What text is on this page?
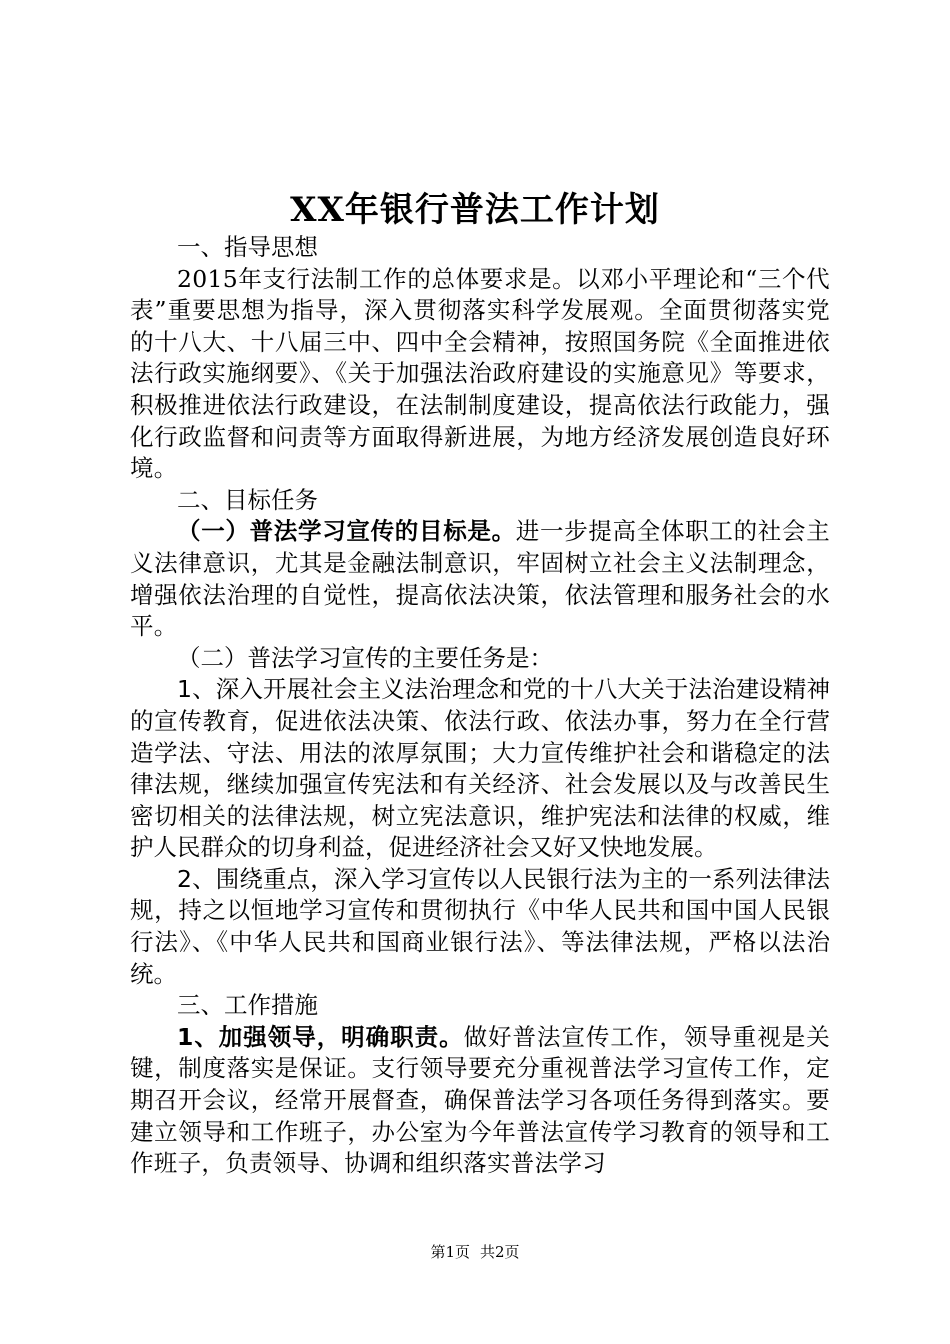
XX年银行普法工作计划

一、指导思想

2015年支行法制工作的总体要求是。以邓小平理论和“三个代表”重要思想为指导，深入贯彻落实科学发展观。全面贯彻落实党的十八大、十八届三中、四中全会精神，按照国务院《全面推进依法行政实施纲要》、《关于加强法治政府建设的实施意见》等要求，积极推进依法行政建设，在法制制度建设，提高依法行政能力，强化行政监督和问责等方面取得新进展，为地方经济发展创造良好环境。

二、目标任务

（一）普法学习宣传的目标是。进一步提高全体职工的社会主义法律意识，尤其是金融法制意识，牢固树立社会主义法制理念，增强依法治理的自觉性，提高依法决策，依法管理和服务社会的水平。

（二）普法学习宣传的主要任务是：

1、深入开展社会主义法治理念和党的十八大关于法治建设精神的宣传教育，促进依法决策、依法行政、依法办事，努力在全行营造学法、守法、用法的浓厚氛围；大力宣传维护社会和谐稳定的法律法规，继续加强宣传宪法和有关经济、社会发展以及与改善民生密切相关的法律法规，树立宪法意识，维护宪法和法律的权威，维护人民群众的切身利益，促进经济社会又好又快地发展。

2、围绕重点，深入学习宣传以人民银行法为主的一系列法律法规，持之以恒地学习宣传和贯彻执行《中华人民共和国中国人民银行法》、《中华人民共和国商业银行法》、等法律法规，严格以法治统。

三、工作措施

1、加强领导，明确职责。做好普法宣传工作，领导重视是关键，制度落实是保证。支行领导要充分重视普法学习宣传工作，定期召开会议，经常开展督查，确保普法学习各项任务得到落实。要建立领导和工作班子，办公室为今年普法宣传学习教育的领导和工作班子，负责领导、协调和组织落实普法学习

第1页 共2页
